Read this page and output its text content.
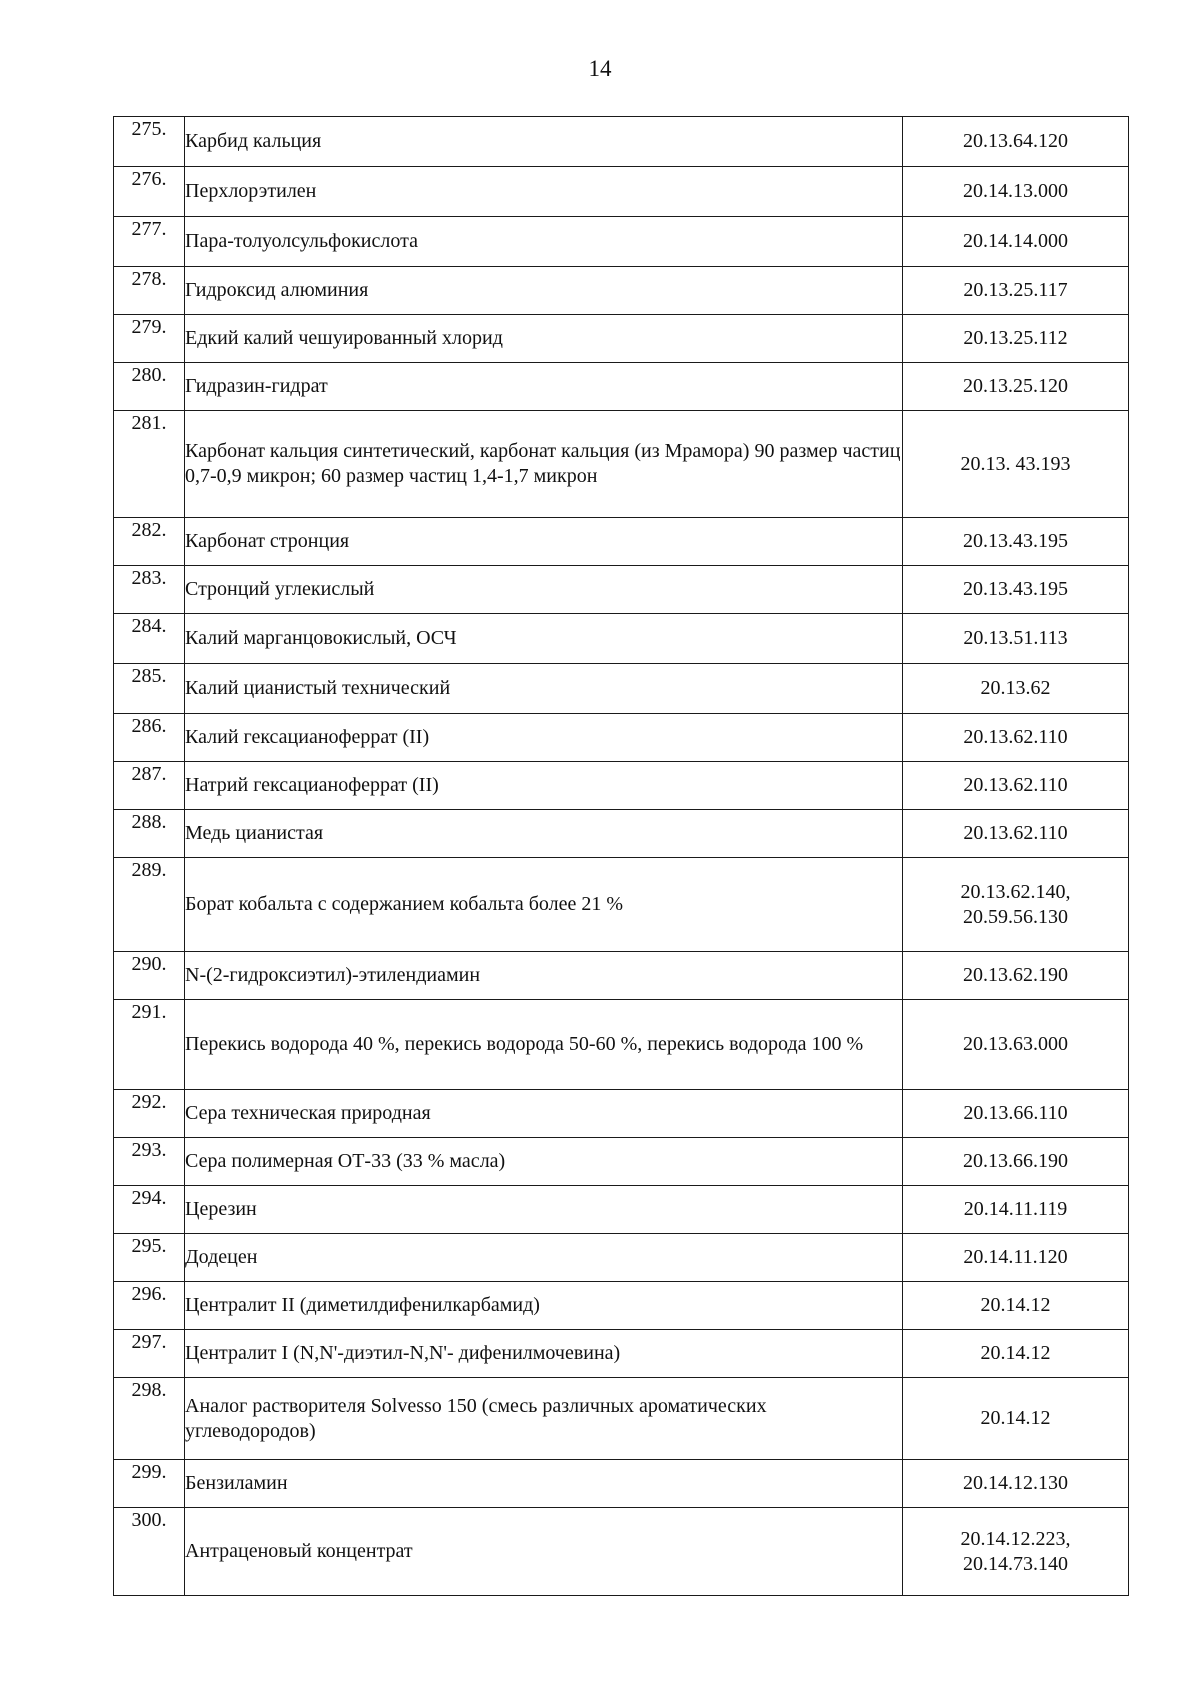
14
275.	Карбид кальция	20.13.64.120

276.	Перхлорэтилен	20.14.13.000

277.	Пара-толуолсульфокислота	20.14.14.000

278.	Гидроксид алюминия	20.13.25.117

279.	Едкий калий чешуированный хлорид	20.13.25.112

280.	Гидразин-гидрат	20.13.25.120

281.	Карбонат кальция синтетический, карбонат кальция (из Мрамора) 90 размер частиц 0,7-0,9 микрон; 60 размер частиц 1,4-1,7 микрон	20.13. 43.193

282.	Карбонат стронция	20.13.43.195

283.	Стронций углекислый	20.13.43.195

284.	Калий марганцовокислый, ОСЧ	20.13.51.113

285.	Калий цианистый технический	20.13.62

286.	Калий гексацианоферрат (II)	20.13.62.110

287.	Натрий гексацианоферрат (II)	20.13.62.110

288.	Медь цианистая	20.13.62.110

289.	Борат кобальта с содержанием кобальта более 21 %	20.13.62.140,
20.59.56.130

290.	N-(2-гидроксиэтил)-этилендиамин	20.13.62.190

291.	Перекись водорода 40 %, перекись водорода 50-60 %, перекись водорода 100 %	20.13.63.000

292.	Сера техническая природная	20.13.66.110

293.	Сера полимерная ОТ-33 (33 % масла)	20.13.66.190

294.	Церезин	20.14.11.119

295.	Додецен	20.14.11.120

296.	Централит II (диметилдифенилкарбамид)	20.14.12

297.	Централит I (N,N'-диэтил-N,N'- дифенилмочевина)	20.14.12

298.	Аналог растворителя Solvesso 150 (смесь различных ароматических углеводородов)	20.14.12

299.	Бензиламин	20.14.12.130

300.	Антраценовый концентрат	20.14.12.223,
20.14.73.140
